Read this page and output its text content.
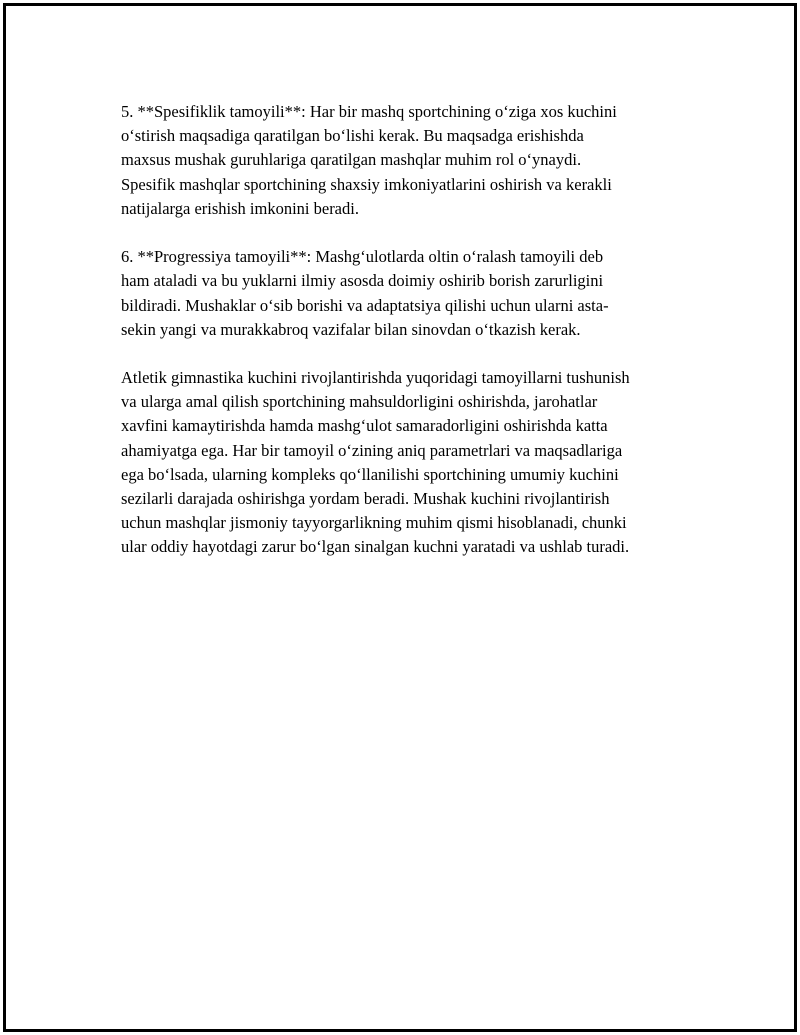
5. **Spesifiklik tamoyili**: Har bir mashq sportchining o‘ziga xos kuchini
o‘stirish maqsadiga qaratilgan bo‘lishi kerak. Bu maqsadga erishishda
maxsus mushak guruhlariga qaratilgan mashqlar muhim rol o‘ynaydi.
Spesifik mashqlar sportchining shaxsiy imkoniyatlarini oshirish va kerakli
natijalarga erishish imkonini beradi.
6. **Progressiya tamoyili**: Mashg‘ulotlarda oltin o‘ralash tamoyili deb
ham ataladi va bu yuklarni ilmiy asosda doimiy oshirib borish zarurligini
bildiradi. Mushaklar o‘sib borishi va adaptatsiya qilishi uchun ularni asta-
sekin yangi va murakkabroq vazifalar bilan sinovdan o‘tkazish kerak.
Atletik gimnastika kuchini rivojlantirishda yuqoridagi tamoyillarni tushunish
va ularga amal qilish sportchining mahsuldorligini oshirishda, jarohatlar
xavfini kamaytirishda hamda mashg‘ulot samaradorligini oshirishda katta
ahamiyatga ega. Har bir tamoyil o‘zining aniq parametrlari va maqsadlariga
ega bo‘lsada, ularning kompleks qo‘llanilishi sportchining umumiy kuchini
sezilarli darajada oshirishga yordam beradi. Mushak kuchini rivojlantirish
uchun mashqlar jismoniy tayyorgarlikning muhim qismi hisoblanadi, chunki
ular oddiy hayotdagi zarur bo‘lgan sinalgan kuchni yaratadi va ushlab turadi.
